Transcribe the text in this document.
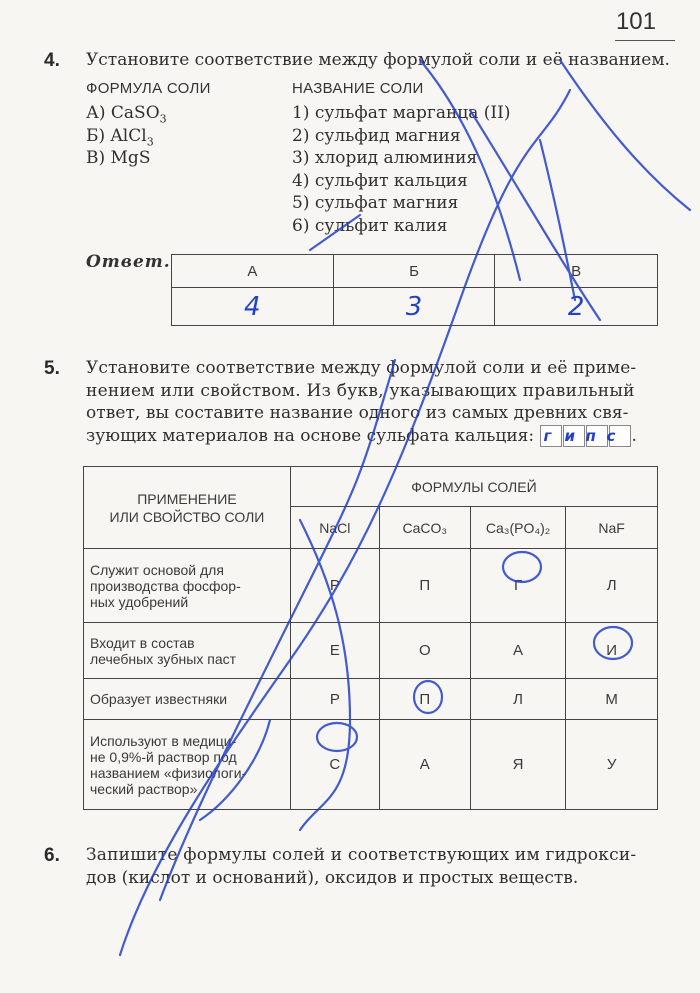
101
4. Установите соответствие между формулой соли и её названием.
ФОРМУЛА СОЛИ	НАЗВАНИЕ СОЛИ
А) CaSO$_3$
Б) AlCl$_3$
В) MgS
1) сульфат марганца (II)
2) сульфид магния
3) хлорид алюминия
4) сульфит кальция
5) сульфат магния
6) сульфит калия
Ответ.	А	Б	В
4	3	2
5. Установите соответствие между формулой соли и её приме-
нением или свойством. Из букв, указывающих правильный
ответ, вы составите название одного из самых древних свя-
зующих материалов на основе сульфата кальция: г и п с .
ПРИМЕНЕНИЕ
ИЛИ СВОЙСТВО СОЛИ	ФОРМУЛЫ СОЛЕЙ			
	NaCl	CaCO₃	Ca₃(PO₄)₂	NaF

Служит основой для
производства фосфор-
ных удобрений	Р	П	Г	Л

Входит в состав
лечебных зубных паст	Е	О	А	И

Образует известняки	Р	П	Л	М

Используют в медици-
не 0,9%-й раствор под
названием «физиологи-
ческий раствор»	С	А	Я	У
6. Запишите формулы солей и соответствующих им гидрокси-
дов (кислот и оснований), оксидов и простых веществ.
